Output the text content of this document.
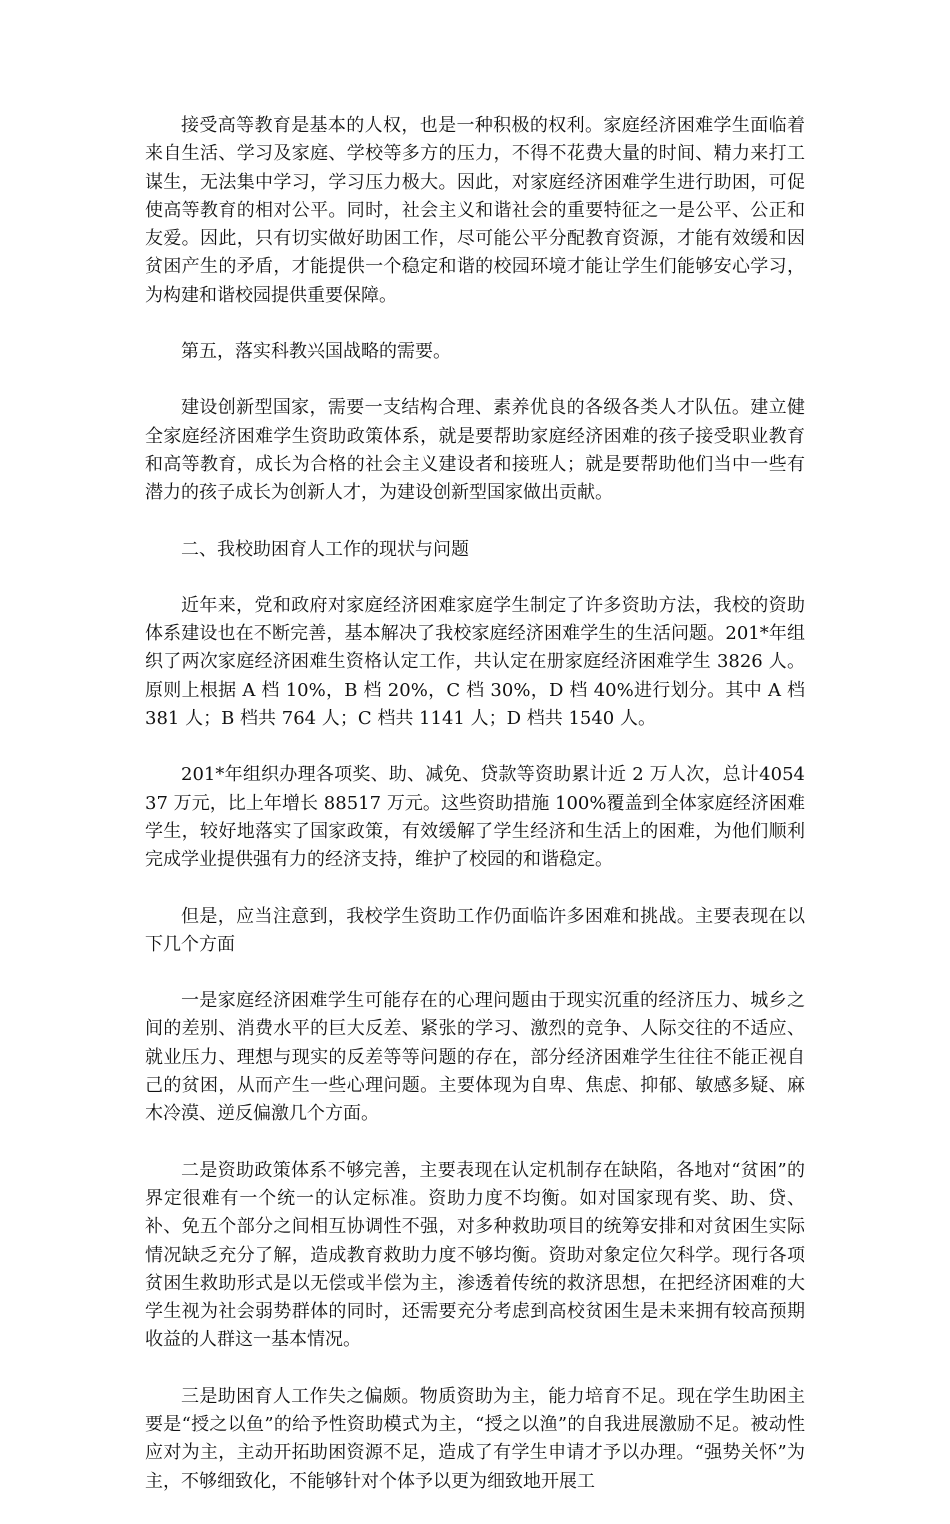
接受高等教育是基本的人权，也是一种积极的权利。家庭经济困难学生面临着来自生活、学习及家庭、学校等多方的压力，不得不花费大量的时间、精力来打工谋生，无法集中学习，学习压力极大。因此，对家庭经济困难学生进行助困，可促使高等教育的相对公平。同时，社会主义和谐社会的重要特征之一是公平、公正和友爱。因此，只有切实做好助困工作，尽可能公平分配教育资源，才能有效缓和因贫困产生的矛盾，才能提供一个稳定和谐的校园环境才能让学生们能够安心学习，为构建和谐校园提供重要保障。

第五，落实科教兴国战略的需要。

建设创新型国家，需要一支结构合理、素养优良的各级各类人才队伍。建立健全家庭经济困难学生资助政策体系，就是要帮助家庭经济困难的孩子接受职业教育和高等教育，成长为合格的社会主义建设者和接班人；就是要帮助他们当中一些有潜力的孩子成长为创新人才，为建设创新型国家做出贡献。

二、我校助困育人工作的现状与问题

近年来，党和政府对家庭经济困难家庭学生制定了许多资助方法，我校的资助体系建设也在不断完善，基本解决了我校家庭经济困难学生的生活问题。201*年组织了两次家庭经济困难生资格认定工作，共认定在册家庭经济困难学生 3826 人。原则上根据 A 档 10%，B 档 20%，C 档 30%，D 档 40%进行划分。其中 A 档 381 人；B 档共 764 人；C 档共 1141 人；D 档共 1540 人。

201*年组织办理各项奖、助、减免、贷款等资助累计近 2 万人次，总计405437 万元，比上年增长 88517 万元。这些资助措施 100%覆盖到全体家庭经济困难学生，较好地落实了国家政策，有效缓解了学生经济和生活上的困难，为他们顺利完成学业提供强有力的经济支持，维护了校园的和谐稳定。

但是，应当注意到，我校学生资助工作仍面临许多困难和挑战。主要表现在以下几个方面

一是家庭经济困难学生可能存在的心理问题由于现实沉重的经济压力、城乡之间的差别、消费水平的巨大反差、紧张的学习、激烈的竞争、人际交往的不适应、就业压力、理想与现实的反差等等问题的存在，部分经济困难学生往往不能正视自己的贫困，从而产生一些心理问题。主要体现为自卑、焦虑、抑郁、敏感多疑、麻木冷漠、逆反偏激几个方面。

二是资助政策体系不够完善，主要表现在认定机制存在缺陷，各地对“贫困”的界定很难有一个统一的认定标准。资助力度不均衡。如对国家现有奖、助、贷、补、免五个部分之间相互协调性不强，对多种救助项目的统筹安排和对贫困生实际情况缺乏充分了解，造成教育救助力度不够均衡。资助对象定位欠科学。现行各项贫困生救助形式是以无偿或半偿为主，渗透着传统的救济思想，在把经济困难的大学生视为社会弱势群体的同时，还需要充分考虑到高校贫困生是未来拥有较高预期收益的人群这一基本情况。

三是助困育人工作失之偏颇。物质资助为主，能力培育不足。现在学生助困主要是“授之以鱼”的给予性资助模式为主，“授之以渔”的自我进展激励不足。被动性应对为主，主动开拓助困资源不足，造成了有学生申请才予以办理。“强势关怀”为主，不够细致化，不能够针对个体予以更为细致地开展工
